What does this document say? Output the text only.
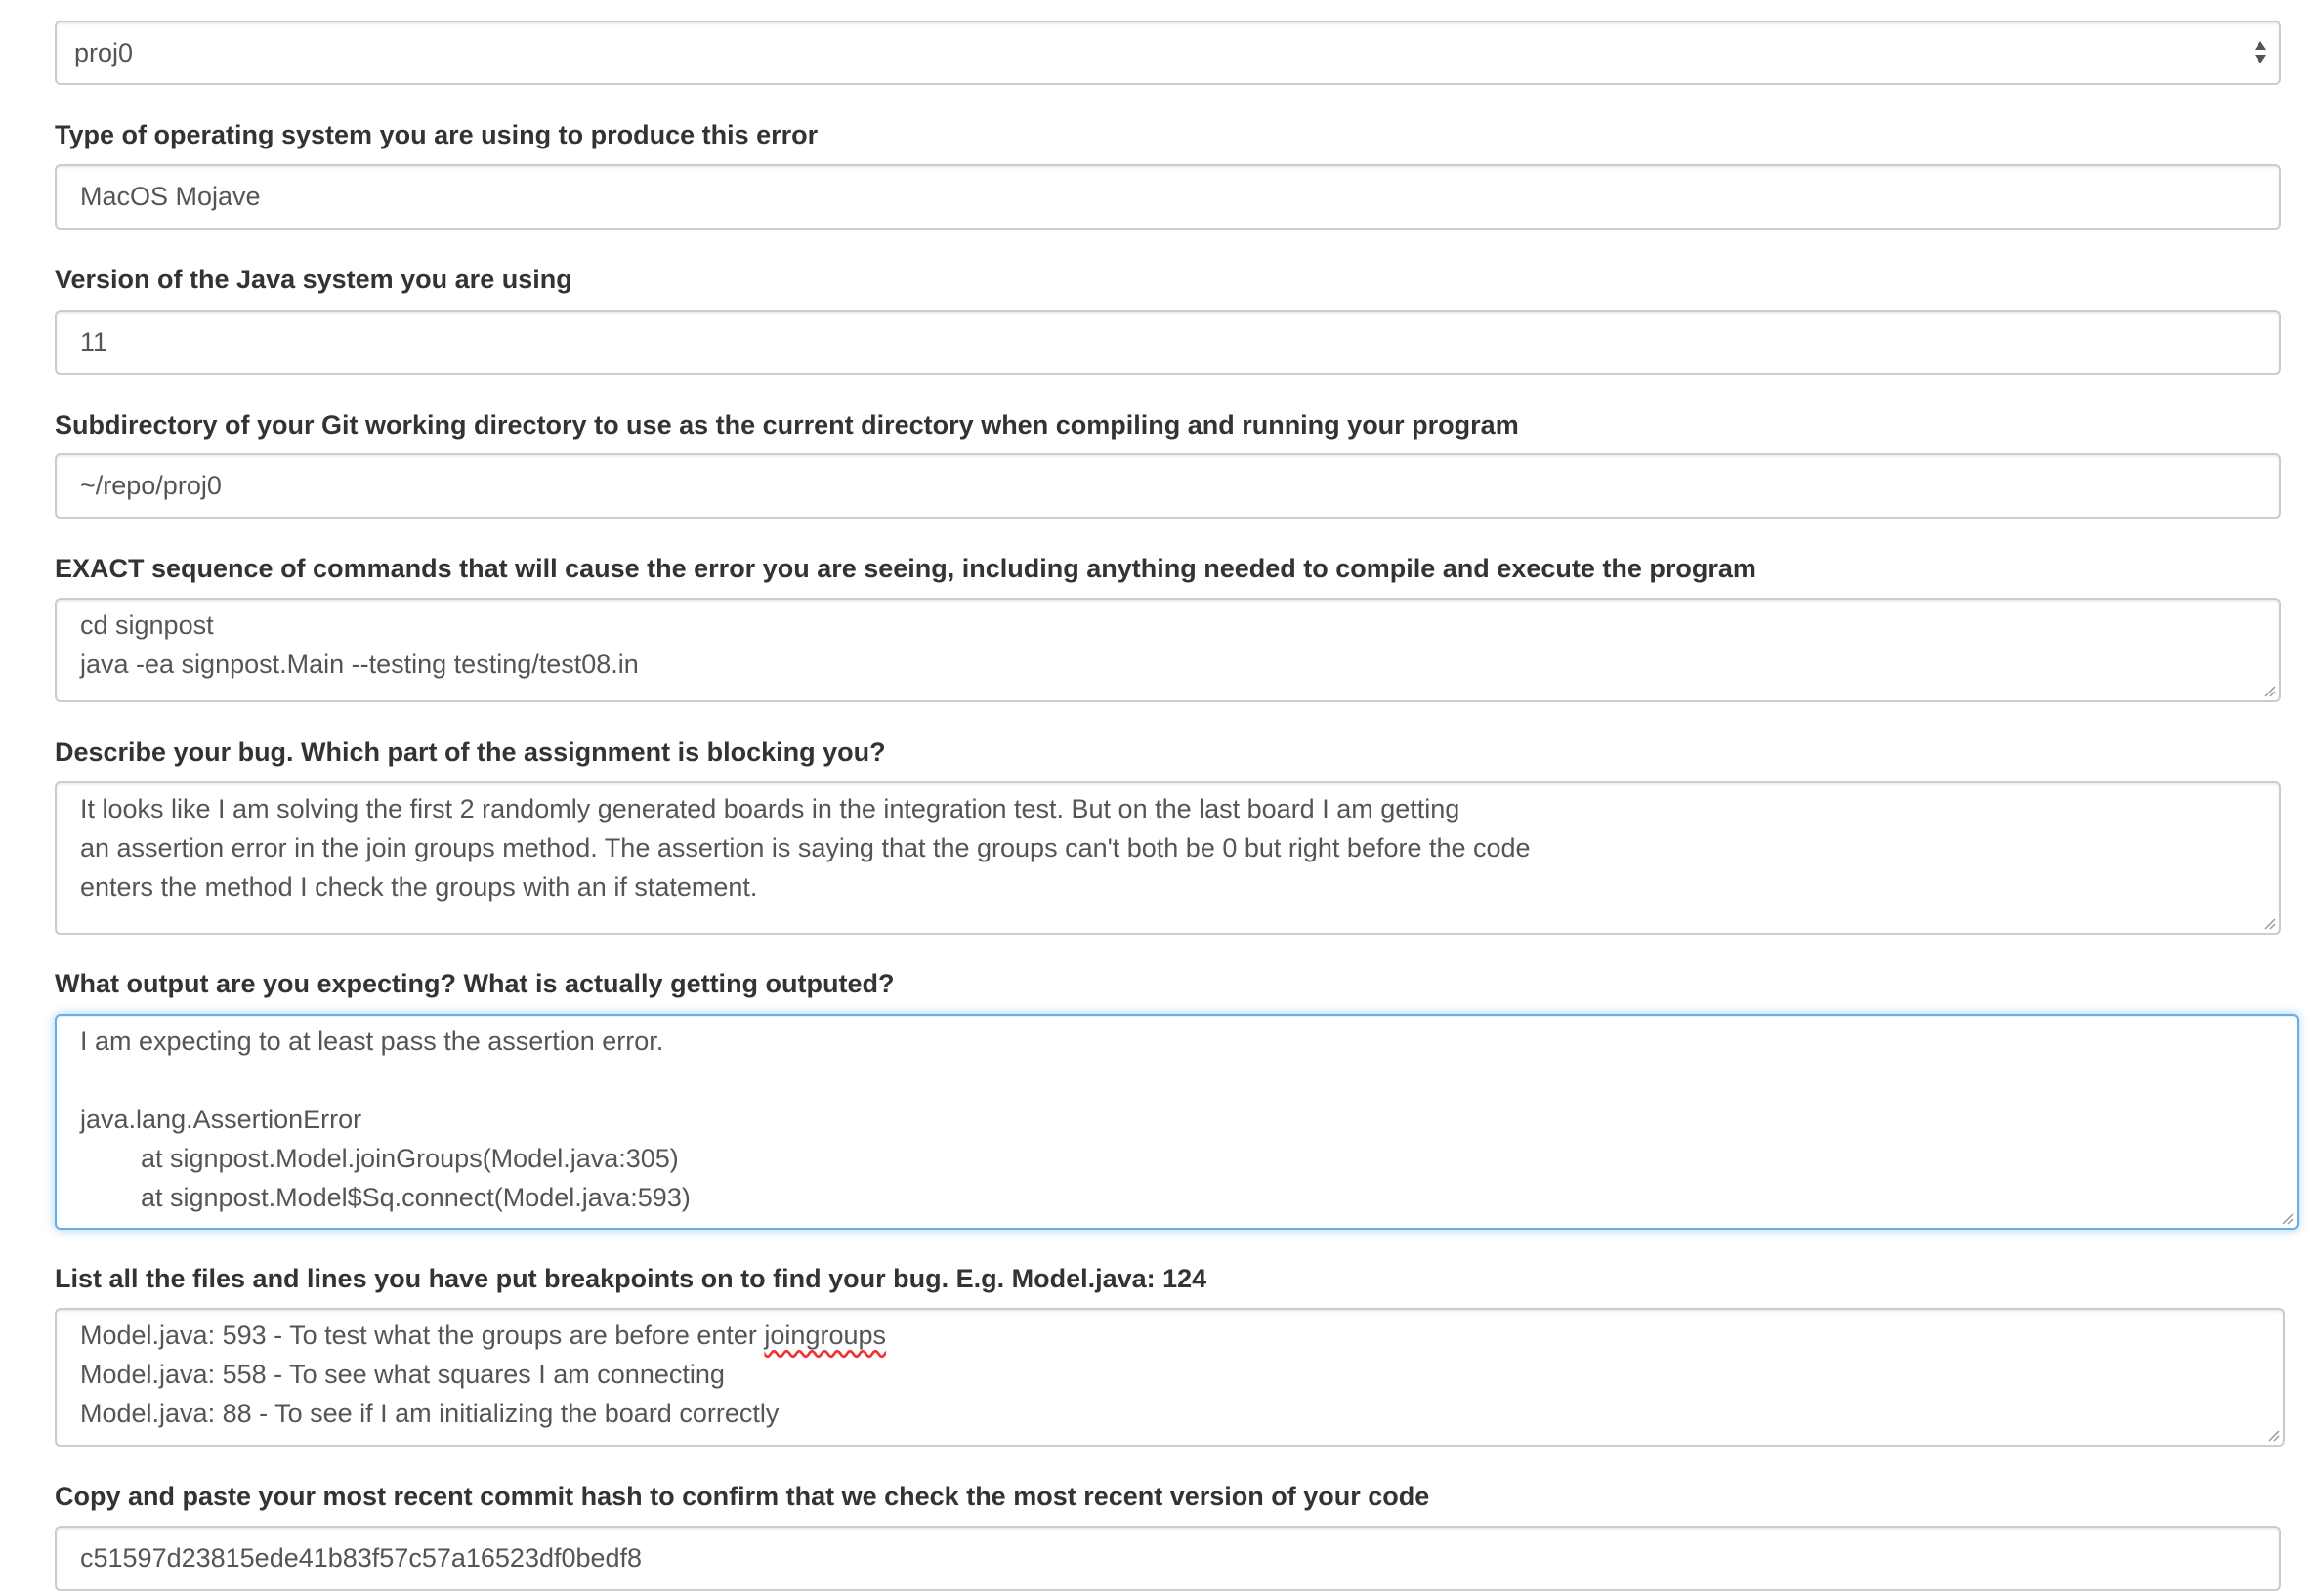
proj0
Type of operating system you are using to produce this error
MacOS Mojave
Version of the Java system you are using
11
Subdirectory of your Git working directory to use as the current directory when compiling and running your program
~/repo/proj0
EXACT sequence of commands that will cause the error you are seeing, including anything needed to compile and execute the program
cd signpost
java -ea signpost.Main --testing testing/test08.in
Describe your bug. Which part of the assignment is blocking you?
It looks like I am solving the first 2 randomly generated boards in the integration test. But on the last board I am getting
an assertion error in the join groups method. The assertion is saying that the groups can't both be 0 but right before the code
enters the method I check the groups with an if statement.
What output are you expecting? What is actually getting outputed?
I am expecting to at least pass the assertion error.
java.lang.AssertionError
at signpost.Model.joinGroups(Model.java:305)
at signpost.Model$Sq.connect(Model.java:593)
List all the files and lines you have put breakpoints on to find your bug. E.g. Model.java: 124
Model.java: 593 - To test what the groups are before enter joingroups
Model.java: 558 - To see what squares I am connecting
Model.java: 88 - To see if I am initializing the board correctly
Copy and paste your most recent commit hash to confirm that we check the most recent version of your code
c51597d23815ede41b83f57c57a16523df0bedf8
